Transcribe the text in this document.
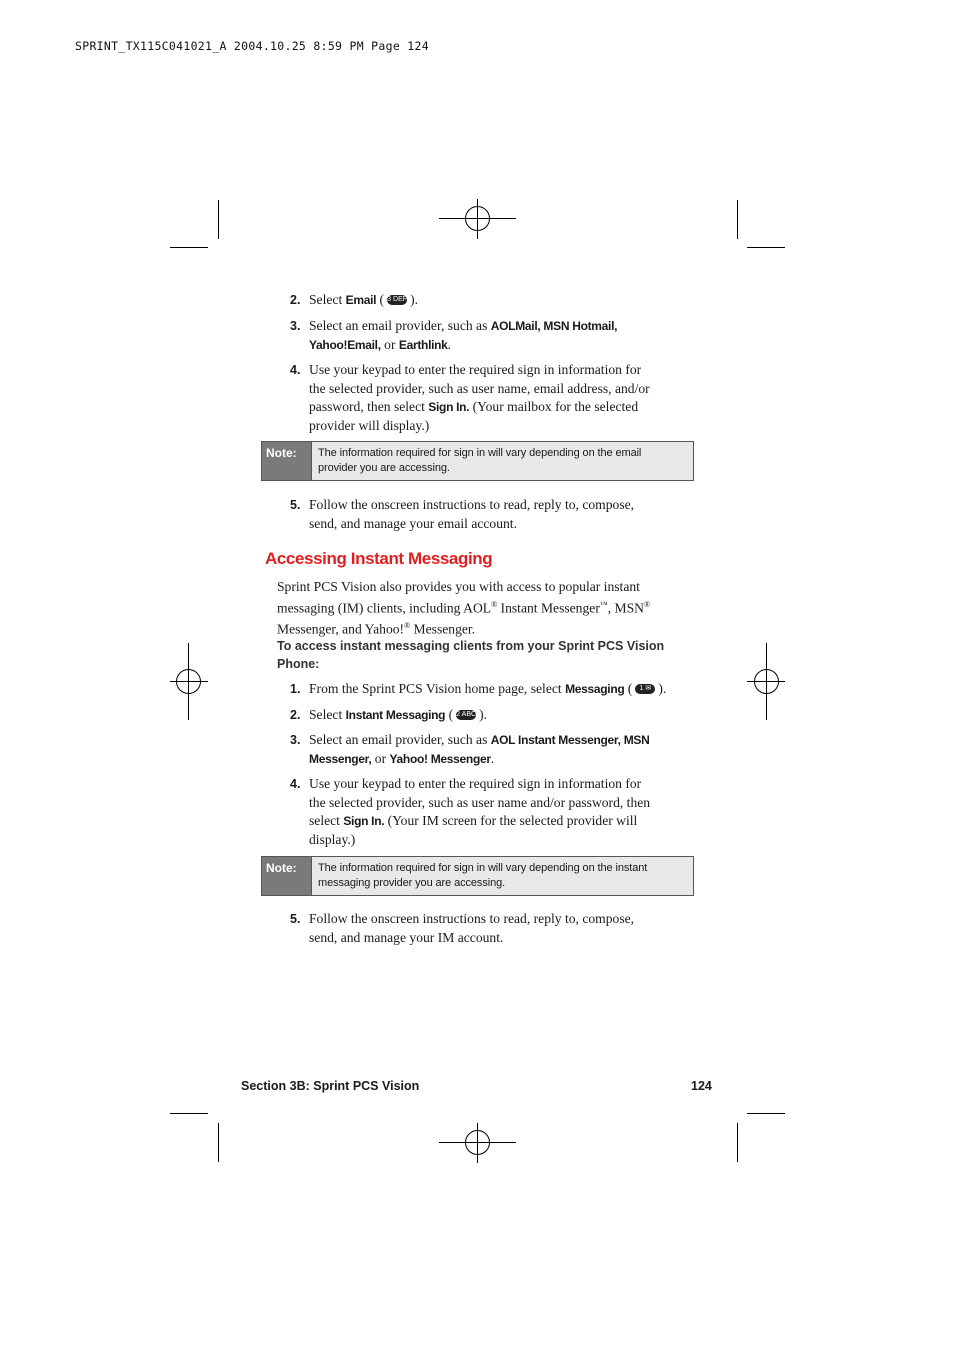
SPRINT_TX115C041021_A 2004.10.25 8:59 PM Page 124
2. Select Email ( 3 DEF ).
3. Select an email provider, such as AOLMail, MSN Hotmail,
Yahoo!Email, or Earthlink.
4. Use your keypad to enter the required sign in information for
the selected provider, such as user name, email address, and/or
password, then select Sign In. (Your mailbox for the selected
provider will display.)
Note:	The information required for sign in will vary depending on the email
provider you are accessing.
5. Follow the onscreen instructions to read, reply to, compose,
send, and manage your email account.
Accessing Instant Messaging
Sprint PCS Vision also provides you with access to popular instant
messaging (IM) clients, including AOL® Instant Messenger™, MSN®
Messenger, and Yahoo!® Messenger.
To access instant messaging clients from your Sprint PCS Vision
Phone:
1. From the Sprint PCS Vision home page, select Messaging ( 1 ✉ ).
2. Select Instant Messaging ( 2 ABC ).
3. Select an email provider, such as AOL Instant Messenger, MSN
Messenger, or Yahoo! Messenger.
4. Use your keypad to enter the required sign in information for
the selected provider, such as user name and/or password, then
select Sign In. (Your IM screen for the selected provider will
display.)
Note:	The information required for sign in will vary depending on the instant
messaging provider you are accessing.
5. Follow the onscreen instructions to read, reply to, compose,
send, and manage your IM account.
Section 3B: Sprint PCS Vision	124
